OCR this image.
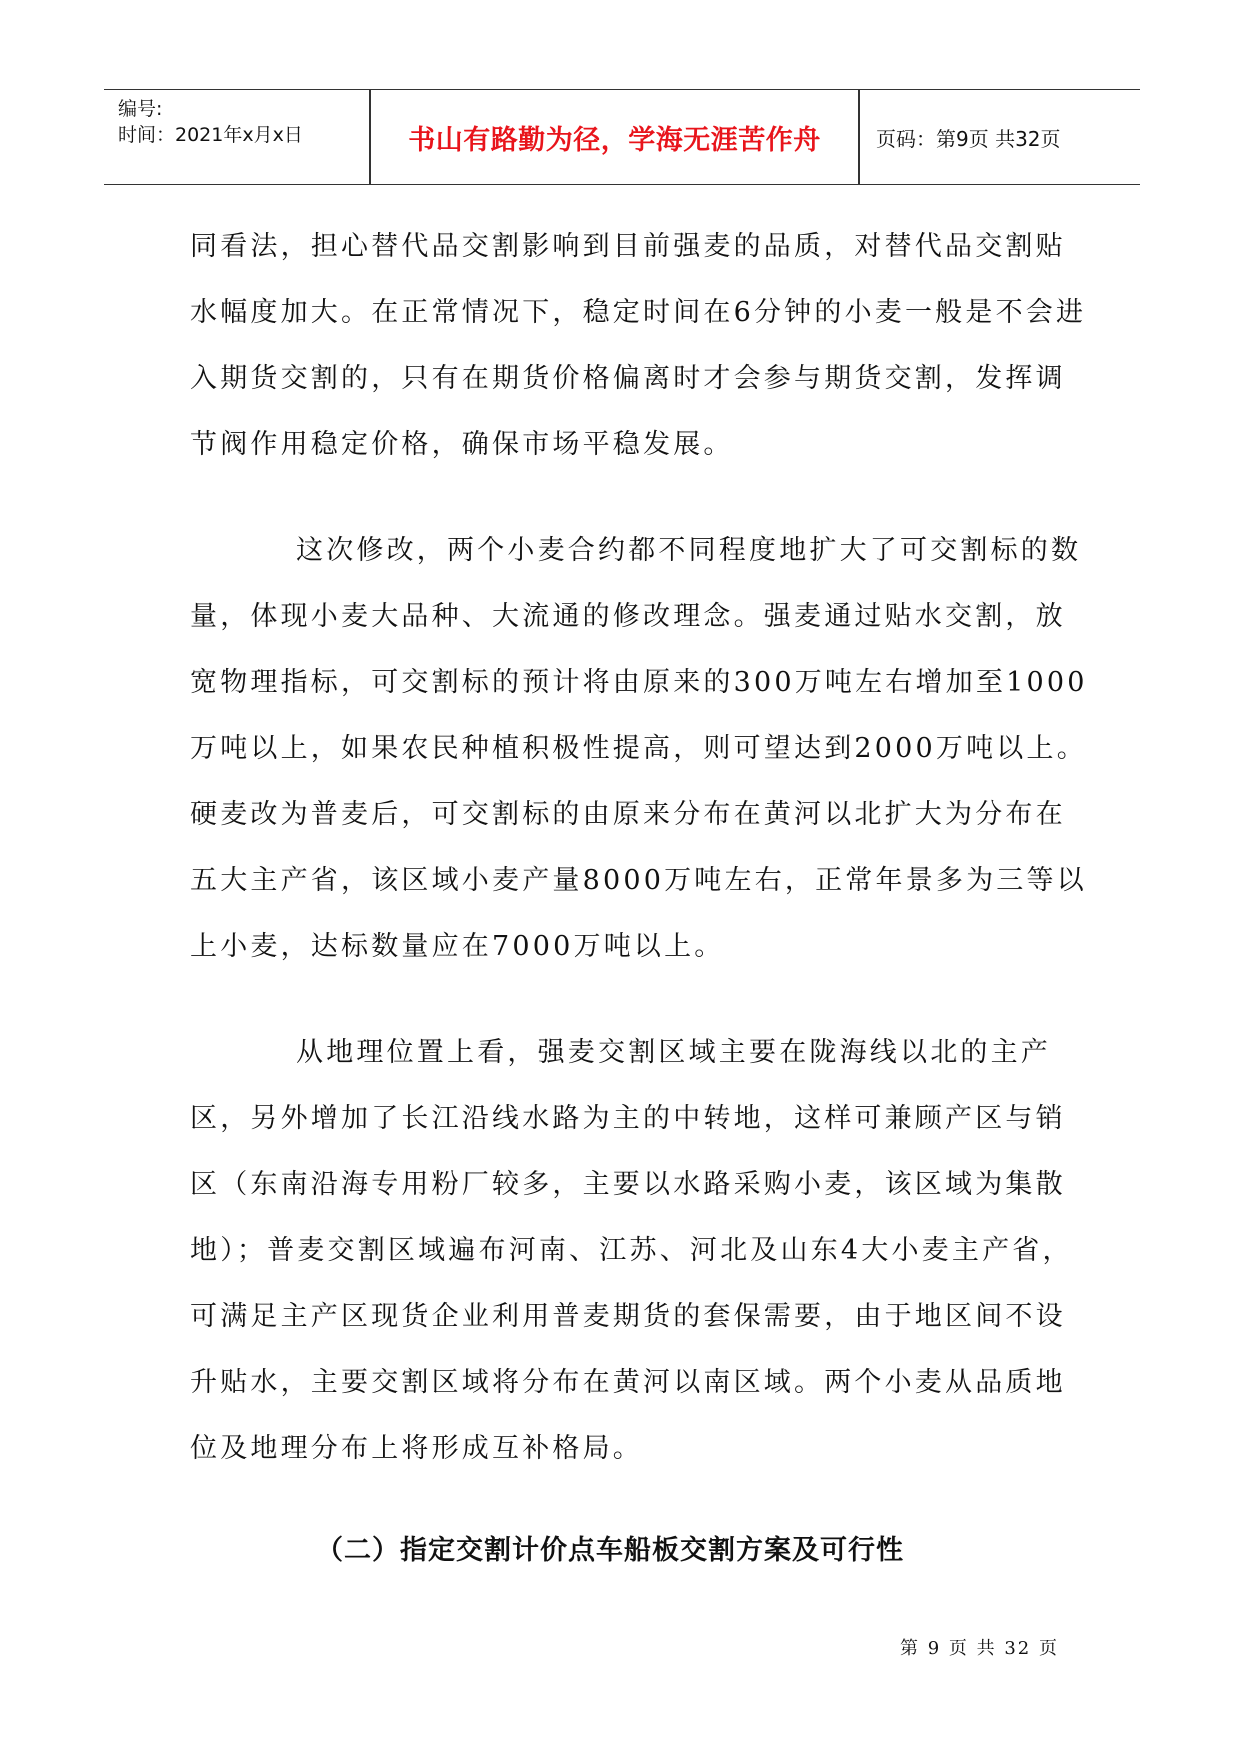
编号:
时间：2021年x月x日	书山有路勤为径，学海无涯苦作舟	页码：第9页 共32页

同看法，担心替代品交割影响到目前强麦的品质，对替代品交割贴水幅度加大。在正常情况下，稳定时间在6分钟的小麦一般是不会进入期货交割的，只有在期货价格偏离时才会参与期货交割，发挥调节阀作用稳定价格，确保市场平稳发展。

这次修改，两个小麦合约都不同程度地扩大了可交割标的数量，体现小麦大品种、大流通的修改理念。强麦通过贴水交割，放宽物理指标，可交割标的预计将由原来的300万吨左右增加至1000万吨以上，如果农民种植积极性提高，则可望达到2000万吨以上。硬麦改为普麦后，可交割标的由原来分布在黄河以北扩大为分布在五大主产省，该区域小麦产量8000万吨左右，正常年景多为三等以上小麦，达标数量应在7000万吨以上。

从地理位置上看，强麦交割区域主要在陇海线以北的主产区，另外增加了长江沿线水路为主的中转地，这样可兼顾产区与销区（东南沿海专用粉厂较多，主要以水路采购小麦，该区域为集散地）；普麦交割区域遍布河南、江苏、河北及山东4大小麦主产省，可满足主产区现货企业利用普麦期货的套保需要，由于地区间不设升贴水，主要交割区域将分布在黄河以南区域。两个小麦从品质地位及地理分布上将形成互补格局。

（二）指定交割计价点车船板交割方案及可行性
第 9 页 共 32 页
